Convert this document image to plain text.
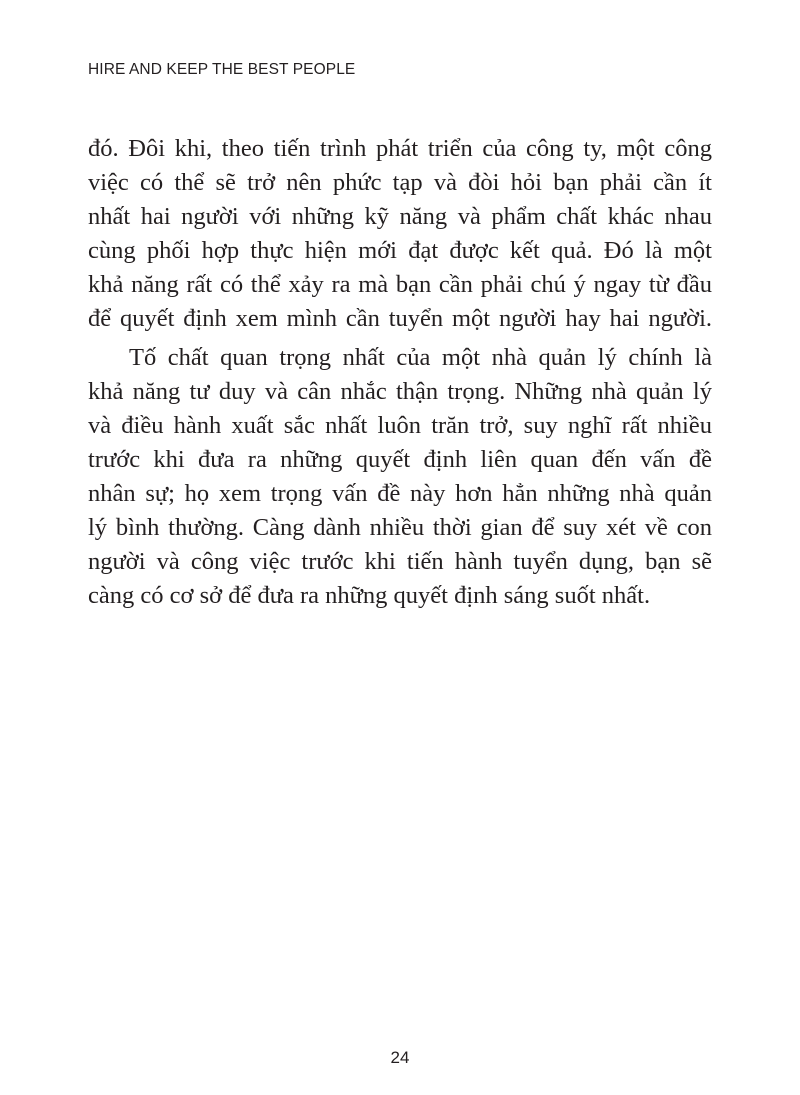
HIRE AND KEEP THE BEST PEOPLE
đó. Đôi khi, theo tiến trình phát triển của công ty, một công
việc có thể sẽ trở nên phức tạp và đòi hỏi bạn phải cần ít
nhất hai người với những kỹ năng và phẩm chất khác nhau
cùng phối hợp thực hiện mới đạt được kết quả. Đó là một
khả năng rất có thể xảy ra mà bạn cần phải chú ý ngay từ đầu
để quyết định xem mình cần tuyển một người hay hai người.
Tố chất quan trọng nhất của một nhà quản lý chính là
khả năng tư duy và cân nhắc thận trọng. Những nhà quản lý
và điều hành xuất sắc nhất luôn trăn trở, suy nghĩ rất nhiều
trước khi đưa ra những quyết định liên quan đến vấn đề
nhân sự; họ xem trọng vấn đề này hơn hẳn những nhà quản
lý bình thường. Càng dành nhiều thời gian để suy xét về con
người và công việc trước khi tiến hành tuyển dụng, bạn sẽ
càng có cơ sở để đưa ra những quyết định sáng suốt nhất.
24
